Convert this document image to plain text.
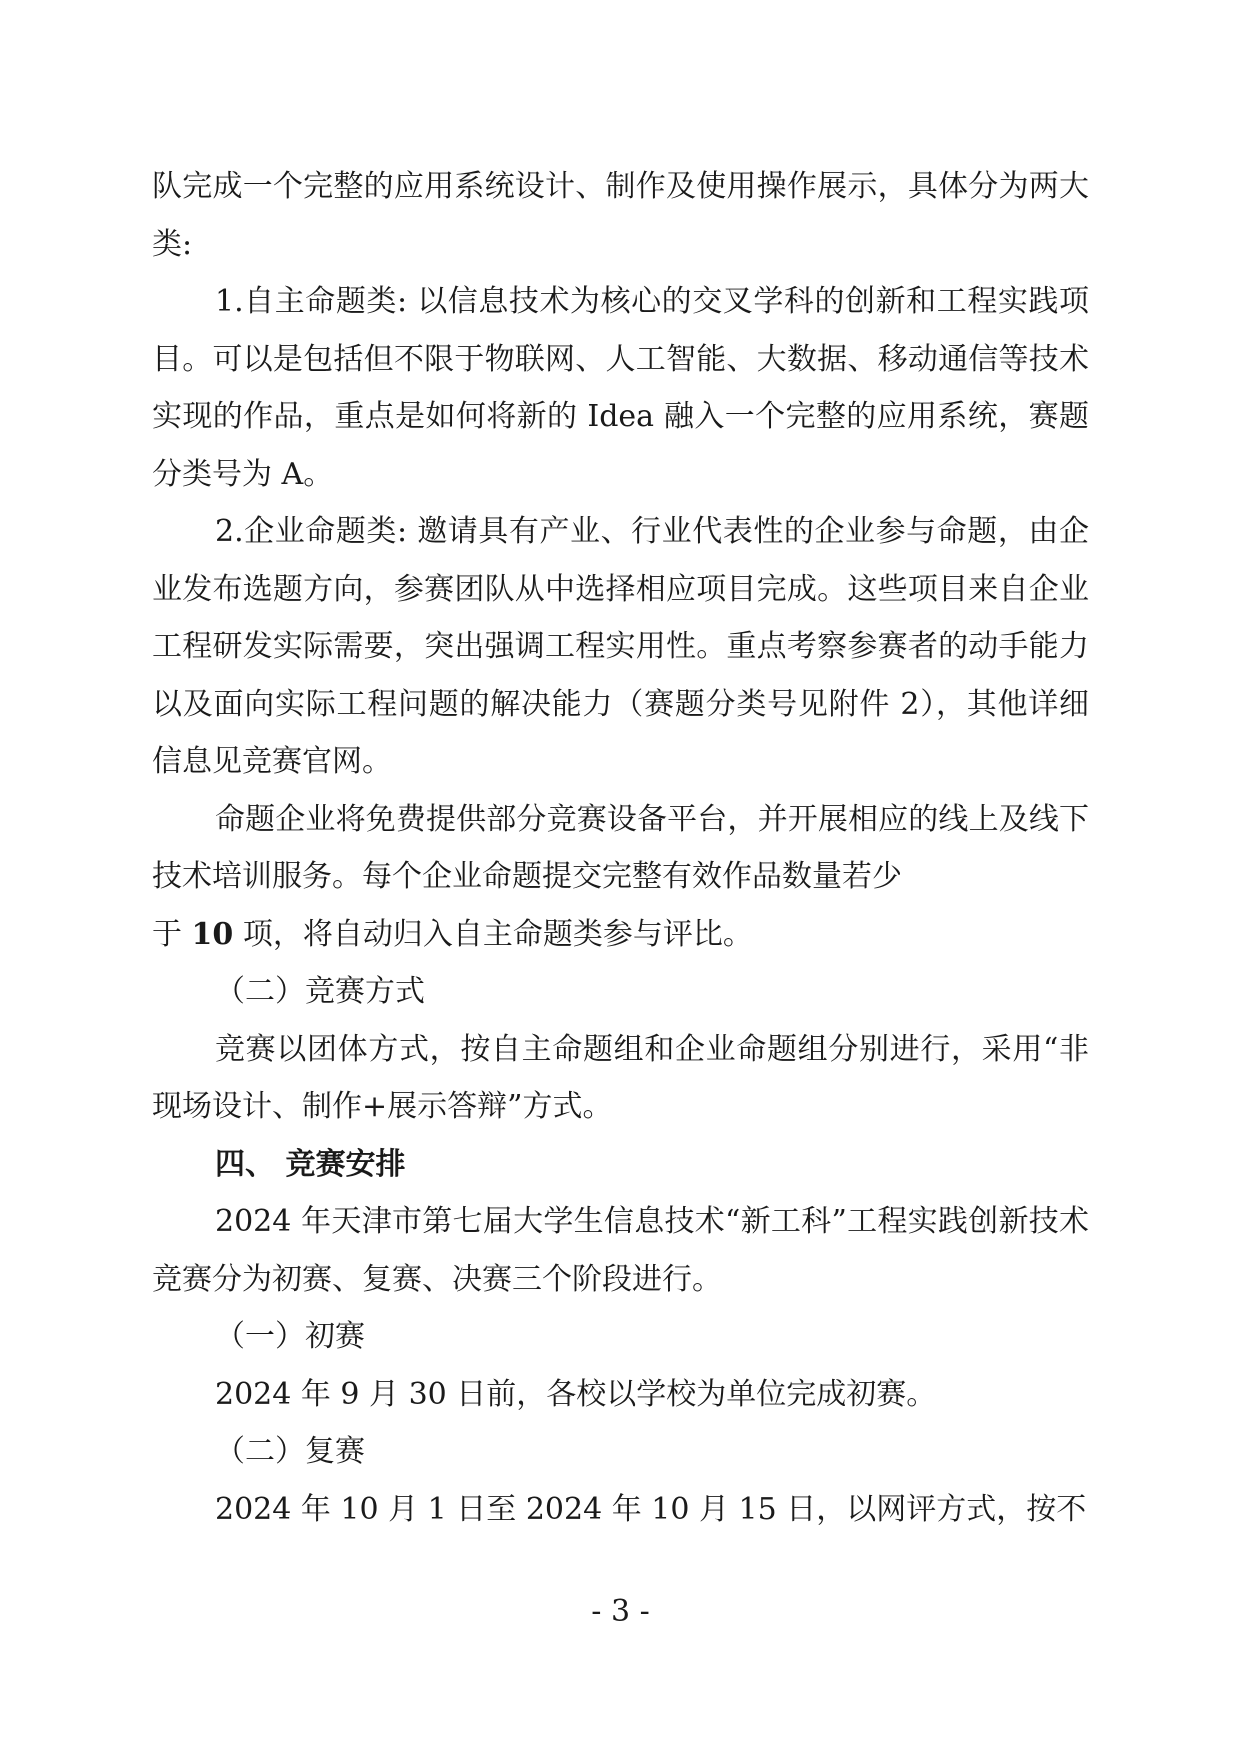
队完成一个完整的应用系统设计、制作及使用操作展示，具体分为两大类:

1.自主命题类: 以信息技术为核心的交叉学科的创新和工程实践项目。可以是包括但不限于物联网、人工智能、大数据、移动通信等技术实现的作品，重点是如何将新的 Idea 融入一个完整的应用系统，赛题分类号为 A。

2.企业命题类: 邀请具有产业、行业代表性的企业参与命题，由企业发布选题方向，参赛团队从中选择相应项目完成。这些项目来自企业工程研发实际需要，突出强调工程实用性。重点考察参赛者的动手能力以及面向实际工程问题的解决能力（赛题分类号见附件 2），其他详细信息见竞赛官网。

命题企业将免费提供部分竞赛设备平台，并开展相应的线上及线下技术培训服务。每个企业命题提交完整有效作品数量若少

于 10 项，将自动归入自主命题类参与评比。

（二）竞赛方式

竞赛以团体方式，按自主命题组和企业命题组分别进行，采用“非现场设计、制作+展示答辩”方式。

四、 竞赛安排

2024 年天津市第七届大学生信息技术“新工科”工程实践创新技术竞赛分为初赛、复赛、决赛三个阶段进行。

（一）初赛

2024 年 9 月 30 日前，各校以学校为单位完成初赛。

（二）复赛

2024 年 10 月 1 日至 2024 年 10 月 15 日，以网评方式，按不

- 3 -
